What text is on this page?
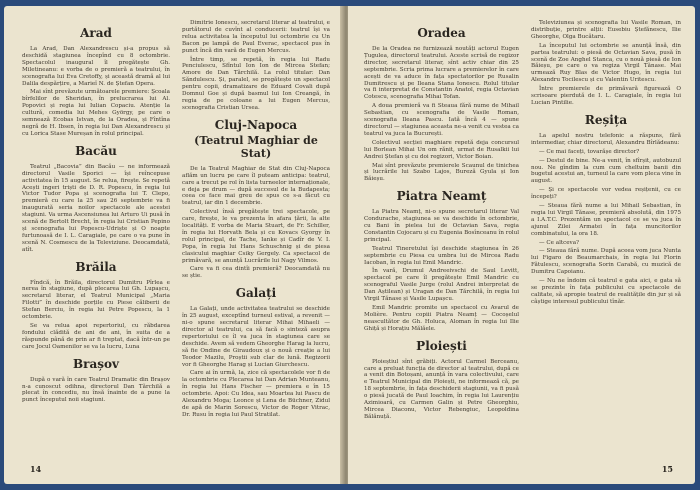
Arad

La Arad, Dan Alexandrescu și-a propus să deschidă stagiunea începînd cu 8 octombrie. Spectacolul inaugural îl pregătește Gh. Miletineanu: e vorba de o premieră a teatrului, în scenografia lui Eva Cretoffy, și această dramă al lui Dalila despărțire, a Marieî N. de Ștefan Opera.

Mai sînt prevăzute următoarele premiere: Școala bîrfelilor de Sheridan, în prelucrarea lui Al. Popovici și regia lui Iulian Copaciu. Atenție la cultură, comedia lui Mehes György, pe care o semnează Ecobas Istvan, de la Oradea, și Fîntîna negră de H. Ibsen, în regia lui Dan Alexandrescu și cu Lorica Stase Mureșan în rolul principal.

Bacău

Teatrul „Bacovia” din Bacău — ne informează directorul Vasile Sporici — își reîncepuse activitatea în 15 august. Se relua, firește. Se repetă Acești ingeri triști de D. R. Popescu, în regia lui Victor Tudor Popa și scenografia lui T. Clepo, premieră cu care la 25 sau 26 septembrie va fi inaugurată seria noilor spectacole ale acestei stagiuni. Va urma Ascensiunea lui Arturo Ui pusă în scenă de Bertolt Brecht, în regia lui Cristian Pepino și scenografia lui Popescu-Udriște și O noapte furtunoasă de I. L. Caragiale, pe care o va pune în scenă N. Cosmescu de la Televiziune. Deocamdată, atît.

Brăila

Fîndcă, în Brăila, directorul Dumitru Pîrlea e nerea în stagiune, după plecarea lui Gh. Lupașcu, secretarul literar, el Teatrul Municipal „Maria Filotti” în deschide porțile cu Piese căliberii de Stefan Berciu, în regia lui Petre Popescu, la 1 octombrie.

Se va relua apoi repertoriul, cu răbdarea fondului clădită de ani de ani, în suita de a răspunde până de prin ar fi treptat, dacă într-un pe care Jocul Oamenilor se va la lucru, Luna

Brașov

După o vară în care Teatrul Dramatic din Brașov n-a cunoscut odihna, directorul Dan Tărchilă a plecat în concediu, nu însă înainte de a pune la punct începutul noii stagiuni.

Dimitrie Ionescu, secretarul literar al teatrului, e purtătorul de cuvînt al conducerii: teatrul își va relua activitatea la începutul lui octombrie cu Un Bacon pe lampă de Paul Everac, spectacol pus în punct încă din vară de Eugen Mercus.

Între timp, se repetă, în regia lui Radu Penciulescu, Sfîntul Ion Ion de Mircea Stefan; Amore de Dan Tărchilă. La rolul titular: Dan Săndulescu. Și, paralel, se pregătește un spectacol pentru copii, dramatizare de Eduard Covali după Domnul Goe și după basmul lui Ion Creangă, în regia de pe coloane a lui Eugen Mercus, scenografia Cristian Ursea.

Cluj-Napoca
(Teatrul Maghiar de Stat)

De la Teatrul Maghiar de Stat din Cluj-Napoca aflăm un lucru pe care îl puteam anticipa: teatrul, care a trecut pe rol în lista turneelor internaționale, e deja pe drum — după succesul de la Budapesta; ceea ce face mai greu de spus ce s-a făcut cu teatrul, iar din 1 decembrie.

Colectivul însă pregătește trei spectacole, pe care, firește, le va prezenta în afara țării, la alte localități. E vorba de Maria Stuart, de Fr. Schiller, în regia lui Horvath Bela și cu Kovacs Gyorgy în rolul principal, de Tache, Ianke și Cadîr de V. I. Popa, în regia lui Hans Schuschnig și de piesa clasicului maghiar Csiky Gergely. Ca spectacol de primăvară, se anunță Lucrările lui Nagy Vilmos.

Care va fi cea dintîi premieră? Deocamdată nu se știe.

Galați

La Galați, unde activitatea teatrului se deschide în 25 august, exceptînd turneul estival, a revenit — ni-o spune secretarul literar Mihai Mihaeli — director al teatrului, ca să facă o sinteză asupra repertoriului ce îl va juca în stagiunea care se deschide. Avem să vedem Gheorghe Harag la lucru, să fie Ondine de Giraudoux și o nouă creație a lui Teodor Mazilu, Proștii sub clar de lună. Regizorii vor fi Gheorghe Harag și Lucian Giurchescu.

Care ai în urmă, la, zice că spectacolele vor fi de la octombrie cu Plecarea lui Dan Adrian Munteanu, în regia lui Hans Fischer — premiera e în 15 octombrie. Apoi: Cu Idea, sau Moartea lui Pascu de Alexandru Moga; Leonce și Lena de Büchner, Zidul de apă de Marin Sorescu, Victor de Roger Vitrac, Dr. Rusu în regia lui Paul Stratilat.

14
Oradea

De la Oradea ne furnizează noutăți actorul Eugen Țugulea, directorul teatrului. Aceste scrisă de regizor director, secretarul literar, sînt activ chiar din 25 septembrie. Scria prima lucrare a premierelor în care acești de va aduce în fața spectatorilor pe Rusalin Dumitrescu și pe Ileana Stana Ionescu. Rolul titular va fi interpretat de Constantin Anatol, regia Octavian Cotescu, scenografia Mihai Tofan.

A doua premieră va fi Steaua fără nume de Mihail Sebastian, cu scenografia de Vasile Roman, scenografia Ileana Pascu. Iată încă 4 — spune directorul — stagiunea aceasta ne-a venit cu vestea ca teatrul va juca la București.

Colectivul secției maghiare repetă deja concursul lui Borlean Mihai Un om rănit, urmat de Rusalkii lui Andrei Ștefan și cu doi regizori, Victor Boian.

Mai sînt prevăzute premierele Scaunul de tinichea și lucrările lui Szabo Lajos, Bureză Gyula și Ion Băieșu.

Piatra Neamț

La Piatra Neamț, ni-o spune secretarul literar Val Condurache, stagiunea se va deschide în octombrie, cu Bani în pielea lui de Octavian Sava, regia Constantin Cojocaru și cu Eugenia Bosînceanu în rolul principal.

Teatrul Tineretului își deschide stagiunea în 26 septembrie cu Piesa cu umbra lui de Mircea Radu Iacoban, în regia lui Emil Mandric.

În vară, Drumul Andreeivschi de Saul Levitt, spectacol pe care îl pregătește Emil Mandric cu scenograful Vasile Jurge (rolul Andrei interpretat de Dan Aștilean) și Uragan de Dan Tărchilă, în regia lui Virgil Tănase și Vasile Lupașcu.

Emil Mandric promite un spectacol cu Avarul de Molière. Pentru copiii Piatra Neamț — Cocoșelul neascultător de Gh. Holuca, Aloman în regia lui Ilie Ghiță și Horațiu Mălăele.

Ploiești

Ploieștiul sînt grăbiți. Actorul Carmel Berceanu, care a preluat funcția de director al teatrului, după ce a venit din Botoșani, anunță în vara colectivului, care e Teatrul Municipal din Ploiești, ne informează că, pe 18 septembrie, în fața deschiderii stagiunii, va fi pusă o piesă jucată de Paul Ioachim, în regia lui Laurențiu Azimioară, cu Carmen Galin și Petre Gheorghiu, Mircea Diaconu, Victor Rebengiuc, Leopoldina Bălănuță.

Televiziunea și scenografia lui Vasile Roman, în distribuție, printre alții: Eusebiu Ștefănescu, Ilie Gheorghe, Olga Bucătaru.

La începutul lui octombrie se anunță însă, din partea teatrului: o piesă de Octavian Sava, pusă în scenă de Zoe Anghel Stanca, cu o nouă piesă de Ion Băieșu, pe care o va regiza Virgil Tănase. Mai urmează Ruy Blas de Victor Hugo, în regia lui Alexandru Tocilescu și cu Valentin Uritescu.

Între premierele de primăvară figurează O scrisoare pierdută de I. L. Caragiale, în regia lui Lucian Pintilie.

Reșița

La apelul nostru telefonic a răspuns, fără intermediar, chiar directorul, Alexandru Bîrlădeanu:

— Ce mai faceți, tovarășe director?

— Destul de bine. Ne-a venit, în sfîrșit, autobuzul nou. Ne gîndim la cum cum cheltuim banii din bugetul acestui an, turneul la care vom pleca vine în august.

— Și ce spectacole vor vedea reșițenii, cu ce începeți?

— Steaua fără nume a lui Mihail Sebastian, în regia lui Virgil Tănase, premieră absolută, din 1975 a I.A.T.C. Prezentăm un spectacol ce se va juca în ajunul Zilei Armatei în fața muncitorilor combinatului, la ora 18.

— Ce altceva?

— Steaua fără nume. După aceea vom juca Nunta lui Figaro de Beaumarchais, în regia lui Florin Fătulescu, scenografia Sorin Carabă, cu muzică de Dumitru Capoianu.

— Nu ne îndoim că teatrul e gata aici, e gata să se prezinte în fața publicului cu spectacole de calitate, să apropie teatrul de realitățile din jur și să câștige interesul publicului tînăr.

15
